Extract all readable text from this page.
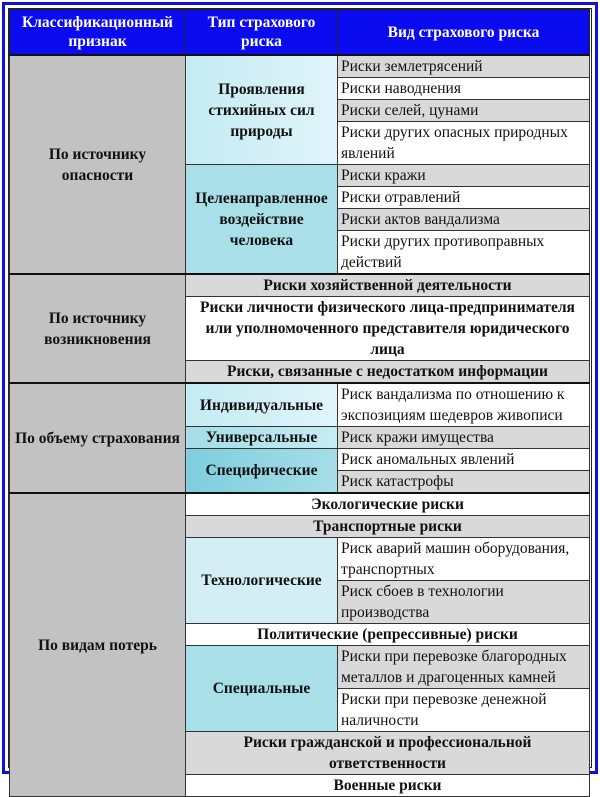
Классификационный признак	Тип страхового риска	Вид страхового риска
По источнику опасности	Проявления стихийных сил природы	Риски землетрясений
		Риски наводнения
		Риски селей, цунами
		Риски других опасных природных явлений
	Целенаправленное воздействие человека	Риски кражи
		Риски отравлений
		Риски актов вандализма
		Риски других противоправных действий
По источнику возникновения	Риски хозяйственной деятельности	
	Риски личности физического лица-предпринимателя или уполномоченного представителя юридического лица	
	Риски, связанные с недостатком информации	
По объему страхования	Индивидуальные	Риск вандализма по отношению к экспозициям шедевров живописи
	Универсальные	Риск кражи имущества
	Специфические	Риск аномальных явлений
		Риск катастрофы
По видам потерь	Экологические риски	
	Транспортные риски	
	Технологические	Риск аварий машин оборудования, транспортных
		Риск сбоев в технологии производства
	Политические (репрессивные) риски	
	Специальные	Риски при перевозке благородных металлов и драгоценных камней
		Риски при перевозке денежной наличности
	Риски гражданской и профессиональной ответственности	
	Военные риски	
